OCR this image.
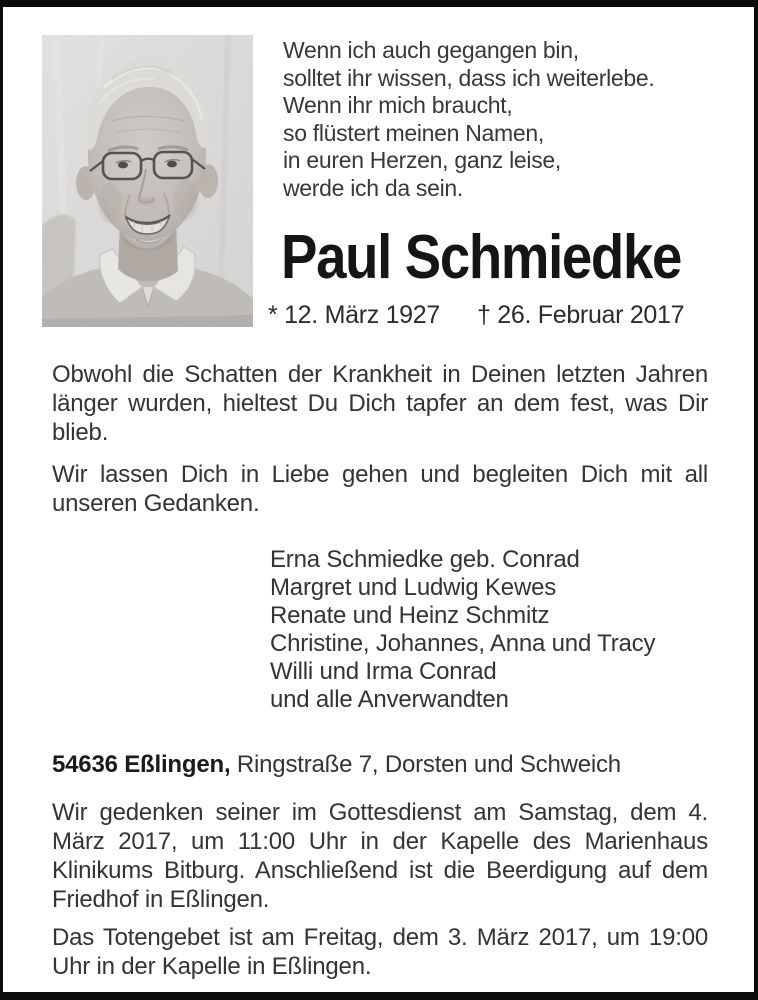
Wenn ich auch gegangen bin,
solltet ihr wissen, dass ich weiterlebe.
Wenn ihr mich braucht,
so flüstert meinen Namen,
in euren Herzen, ganz leise,
werde ich da sein.
Paul Schmiedke
* 12. März 1927 † 26. Februar 2017

Obwohl die Schatten der Krankheit in Deinen letzten Jahren länger wurden, hieltest Du Dich tapfer an dem fest, was Dir blieb.

Wir lassen Dich in Liebe gehen und begleiten Dich mit all unseren Gedanken.

Erna Schmiedke geb. Conrad
Margret und Ludwig Kewes
Renate und Heinz Schmitz
Christine, Johannes, Anna und Tracy
Willi und Irma Conrad
und alle Anverwandten

54636 Eßlingen, Ringstraße 7, Dorsten und Schweich

Wir gedenken seiner im Gottesdienst am Samstag, dem 4. März 2017, um 11:00 Uhr in der Kapelle des Marienhaus Klinikums Bitburg. Anschließend ist die Beerdigung auf dem Friedhof in Eßlingen.

Das Totengebet ist am Freitag, dem 3. März 2017, um 19:00 Uhr in der Kapelle in Eßlingen.
